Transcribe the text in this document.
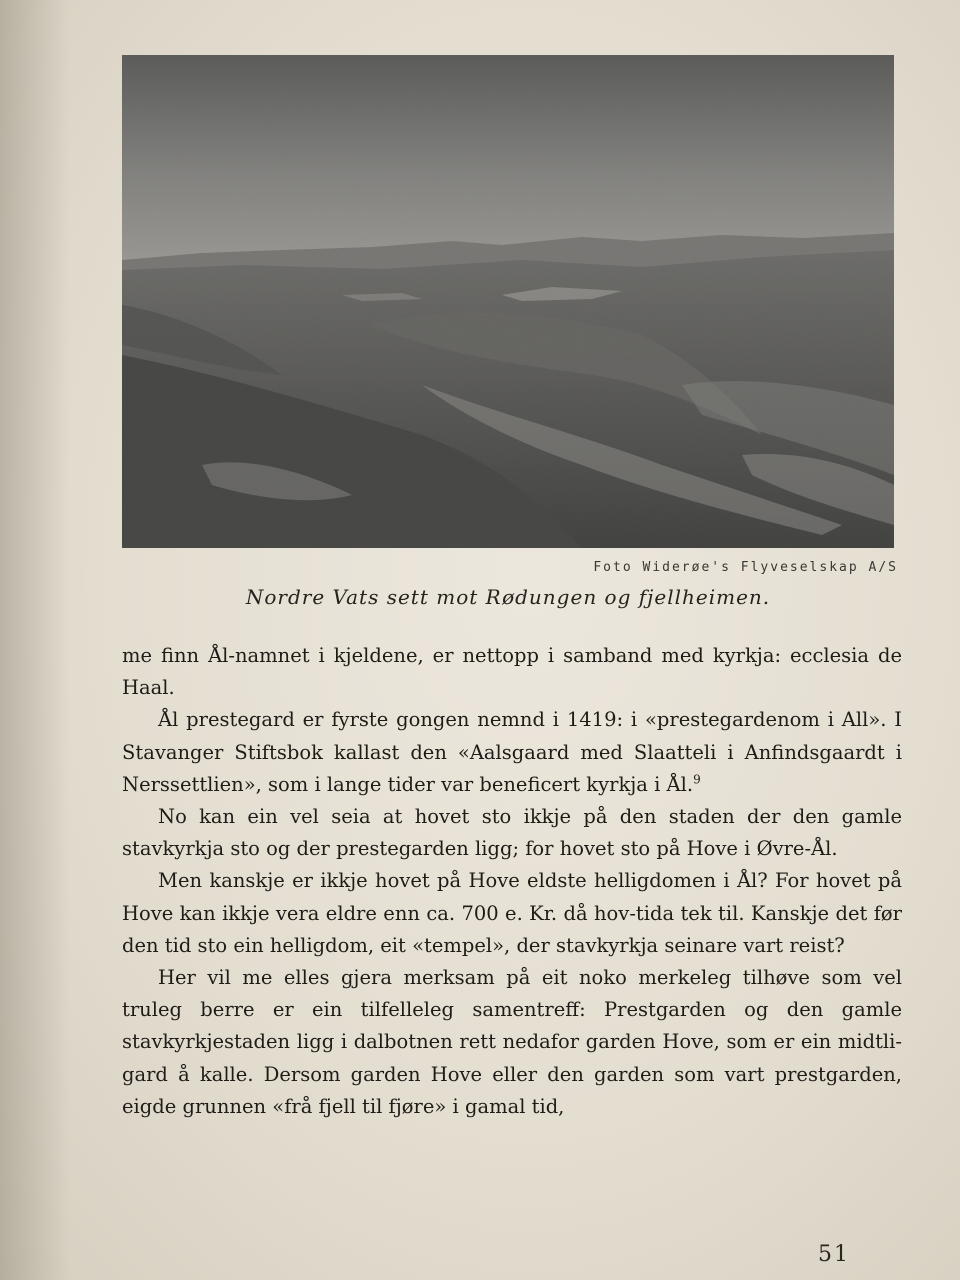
Foto Widerøe's Flyveselskap A/S
Nordre Vats sett mot Rødungen og fjellheimen.

me finn Ål-namnet i kjeldene, er nettopp i samband med kyrkja: ecclesia de Haal.

Ål prestegard er fyrste gongen nemnd i 1419: i «prestegardenom i All». I Stavanger Stiftsbok kallast den «Aalsgaard med Slaatteli i Anfindsgaardt i Nerssettlien», som i lange tider var beneficert kyrkja i Ål.$^9$

No kan ein vel seia at hovet sto ikkje på den staden der den gamle stavkyrkja sto og der prestegarden ligg; for hovet sto på Hove i Øvre-Ål.

Men kanskje er ikkje hovet på Hove eldste helligdomen i Ål? For hovet på Hove kan ikkje vera eldre enn ca. 700 e. Kr. då hov-tida tek til. Kanskje det før den tid sto ein helligdom, eit «tempel», der stavkyrkja seinare vart reist?

Her vil me elles gjera merksam på eit noko merkeleg tilhøve som vel truleg berre er ein tilfelleleg samentreff: Prestgarden og den gamle stavkyrkjestaden ligg i dalbotnen rett nedafor garden Hove, som er ein midtli-gard å kalle. Dersom garden Hove eller den garden som vart prestgarden, eigde grunnen «frå fjell til fjøre» i gamal tid,

51
